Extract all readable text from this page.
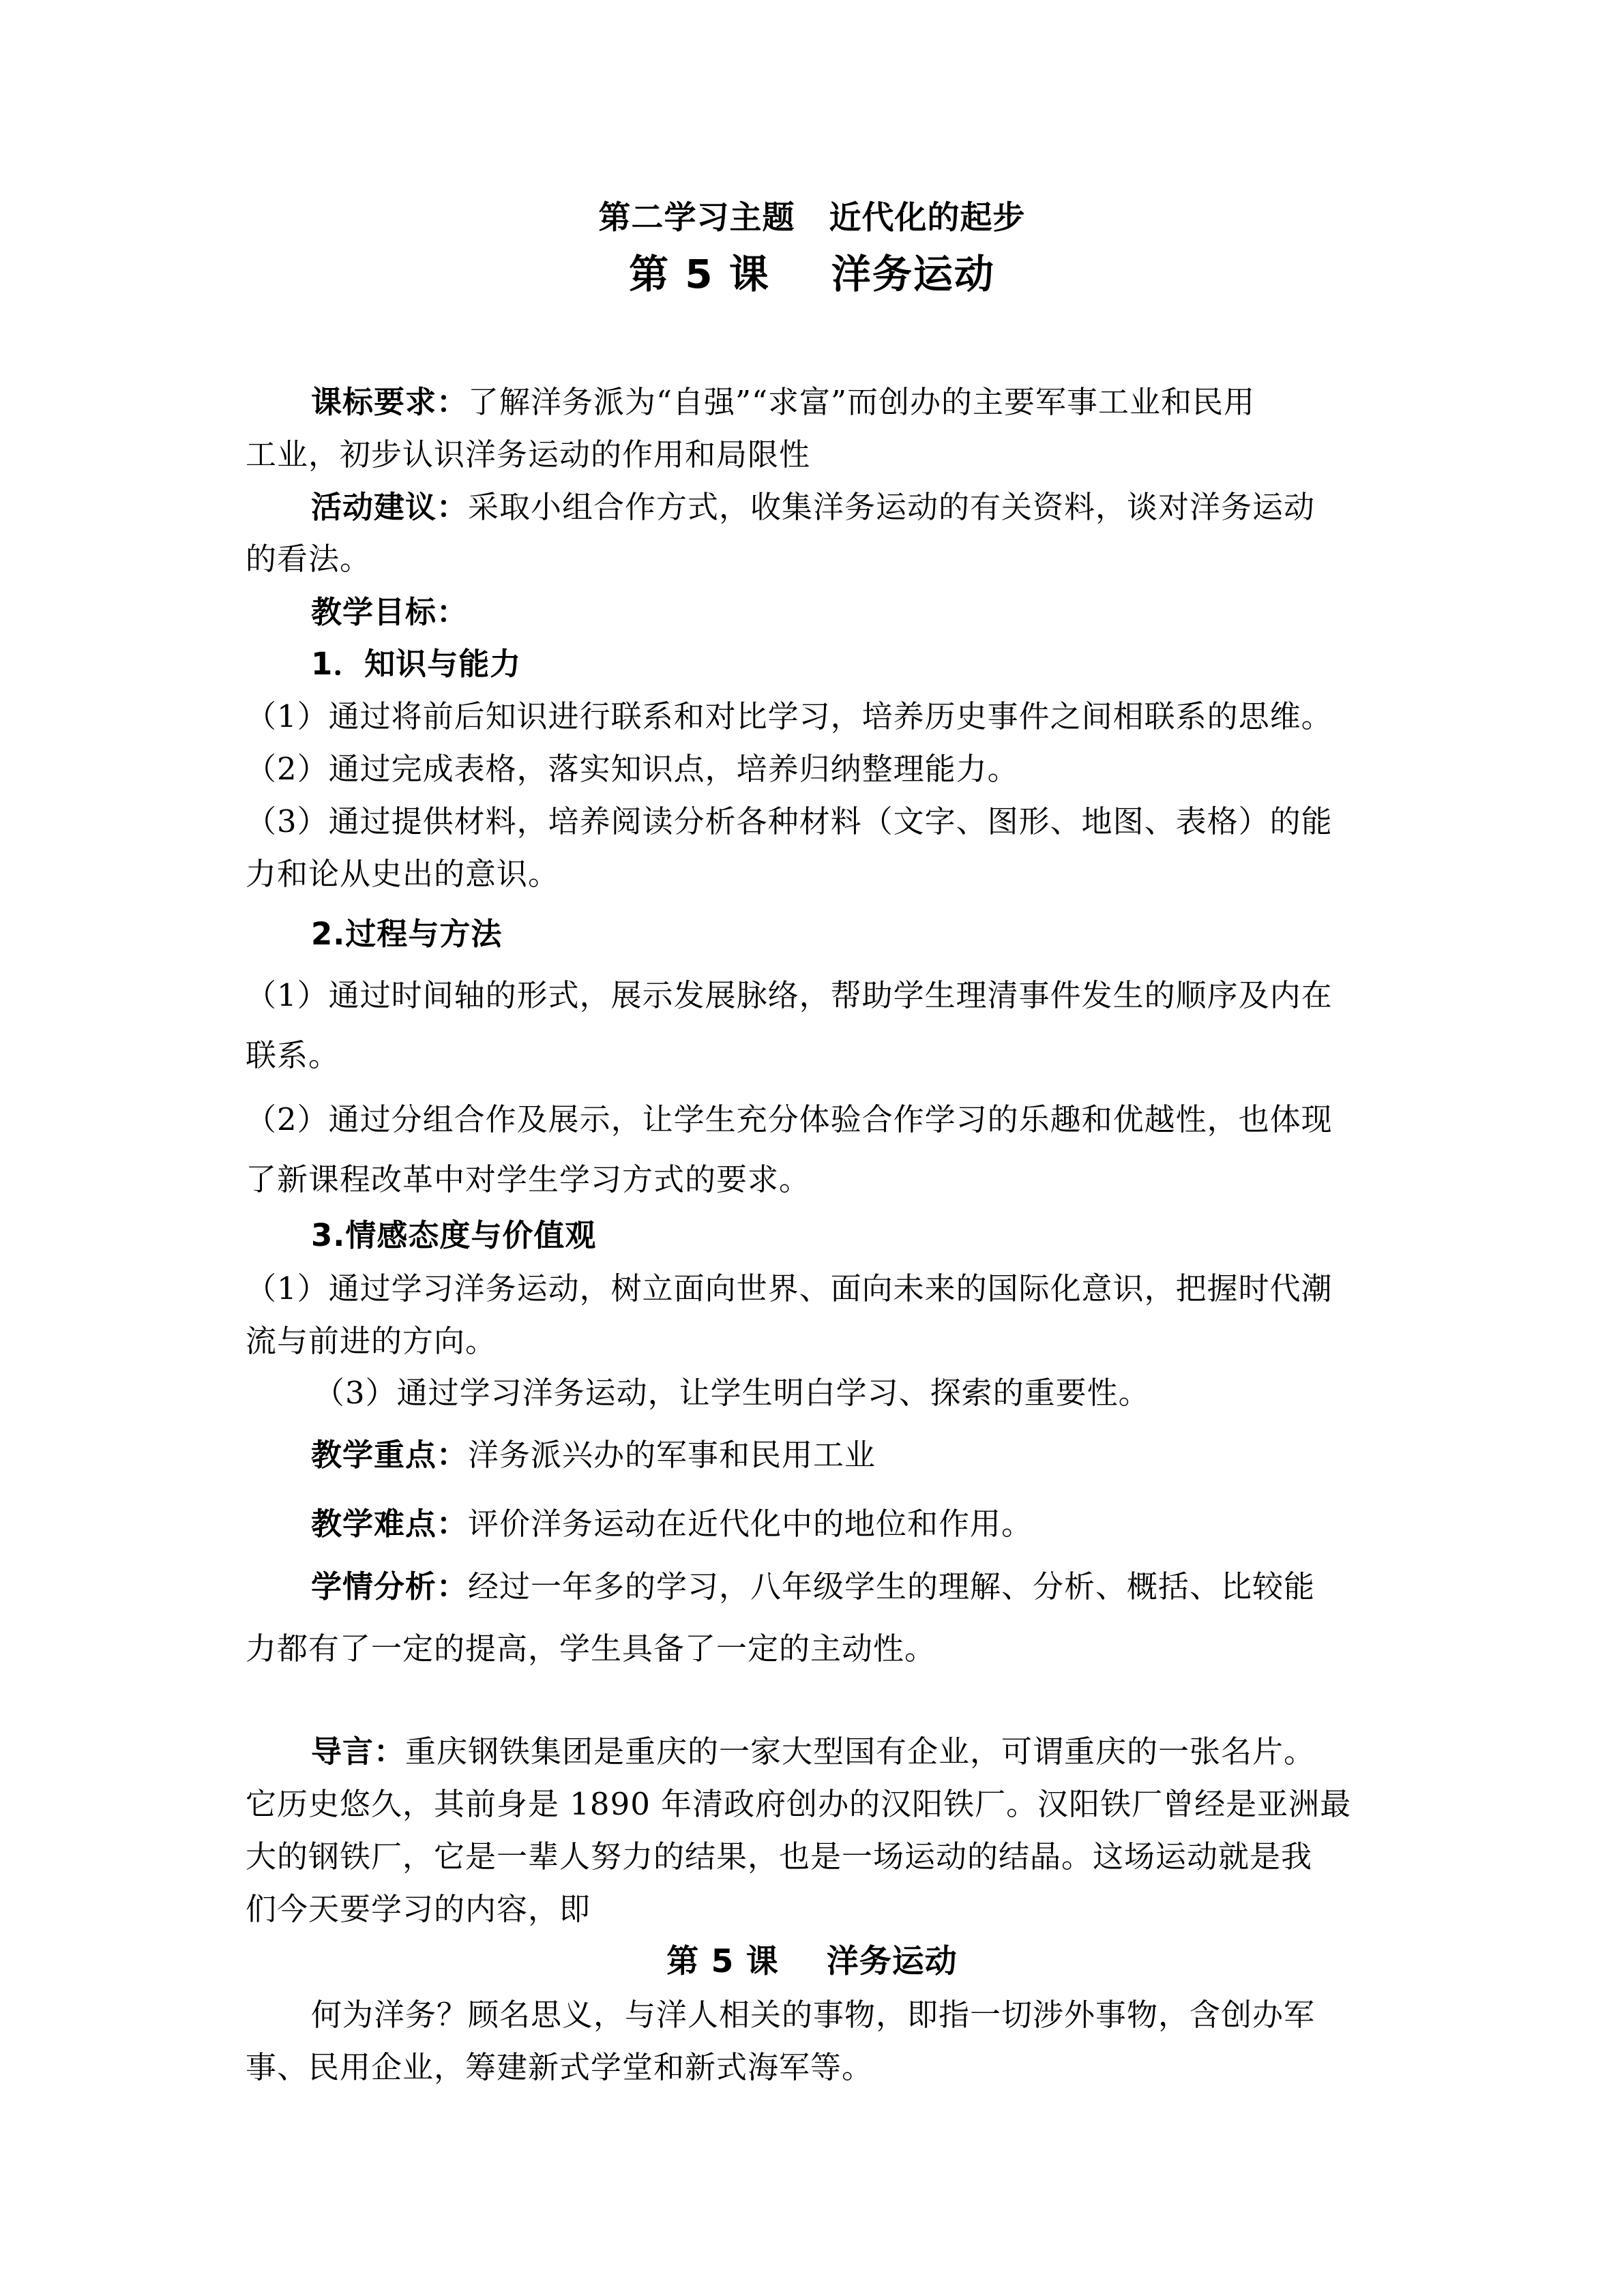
第二学习主题 近代化的起步
第 5 课 洋务运动
课标要求：了解洋务派为“自强”“求富”而创办的主要军事工业和民用
工业，初步认识洋务运动的作用和局限性
活动建议：采取小组合作方式，收集洋务运动的有关资料，谈对洋务运动
的看法。
教学目标：
1．知识与能力
（1）通过将前后知识进行联系和对比学习，培养历史事件之间相联系的思维。
（2）通过完成表格，落实知识点，培养归纳整理能力。
（3）通过提供材料，培养阅读分析各种材料（文字、图形、地图、表格）的能
力和论从史出的意识。
2.过程与方法
（1）通过时间轴的形式，展示发展脉络，帮助学生理清事件发生的顺序及内在
联系。
（2）通过分组合作及展示，让学生充分体验合作学习的乐趣和优越性，也体现
了新课程改革中对学生学习方式的要求。
3.情感态度与价值观
（1）通过学习洋务运动，树立面向世界、面向未来的国际化意识，把握时代潮
流与前进的方向。
（3）通过学习洋务运动，让学生明白学习、探索的重要性。
教学重点：洋务派兴办的军事和民用工业
教学难点：评价洋务运动在近代化中的地位和作用。
学情分析：经过一年多的学习，八年级学生的理解、分析、概括、比较能
力都有了一定的提高，学生具备了一定的主动性。
导言：重庆钢铁集团是重庆的一家大型国有企业，可谓重庆的一张名片。
它历史悠久，其前身是 1890 年清政府创办的汉阳铁厂。汉阳铁厂曾经是亚洲最
大的钢铁厂，它是一辈人努力的结果，也是一场运动的结晶。这场运动就是我
们今天要学习的内容，即
第 5 课 洋务运动
何为洋务？顾名思义，与洋人相关的事物，即指一切涉外事物，含创办军
事、民用企业，筹建新式学堂和新式海军等。
